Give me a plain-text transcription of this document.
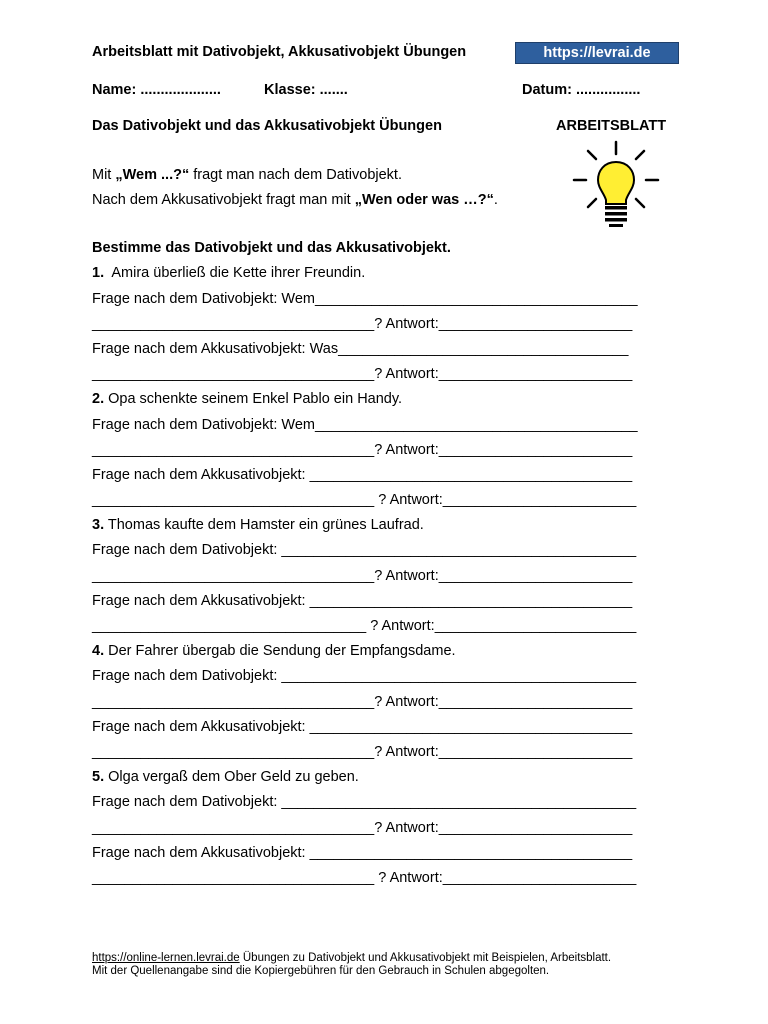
Arbeitsblatt mit Dativobjekt, Akkusativobjekt Übungen	https://levrai.de
Name: ....................	Klasse: .......	Datum: ................
Das Dativobjekt und das Akkusativobjekt Übungen	ARBEITSBLATT
Mit „Wem ...?“ fragt man nach dem Dativobjekt.
Nach dem Akkusativobjekt fragt man mit „Wen oder was …?“.
Bestimme das Dativobjekt und das Akkusativobjekt.
1. Amira überließ die Kette ihrer Freundin.
Frage nach dem Dativobjekt: Wem________________________________________
___________________________________? Antwort:________________________
Frage nach dem Akkusativobjekt: Was____________________________________
___________________________________? Antwort:________________________
2. Opa schenkte seinem Enkel Pablo ein Handy.
Frage nach dem Dativobjekt: Wem________________________________________
___________________________________? Antwort:________________________
Frage nach dem Akkusativobjekt: ________________________________________
___________________________________ ? Antwort:________________________
3. Thomas kaufte dem Hamster ein grünes Laufrad.
Frage nach dem Dativobjekt: ____________________________________________
___________________________________? Antwort:________________________
Frage nach dem Akkusativobjekt: ________________________________________
__________________________________ ? Antwort:_________________________
4. Der Fahrer übergab die Sendung der Empfangsdame.
Frage nach dem Dativobjekt: ____________________________________________
___________________________________? Antwort:________________________
Frage nach dem Akkusativobjekt: ________________________________________
___________________________________? Antwort:________________________
5. Olga vergaß dem Ober Geld zu geben.
Frage nach dem Dativobjekt: ____________________________________________
___________________________________? Antwort:________________________
Frage nach dem Akkusativobjekt: ________________________________________
___________________________________ ? Antwort:________________________
https://online-lernen.levrai.de Übungen zu Dativobjekt und Akkusativobjekt mit Beispielen, Arbeitsblatt.
Mit der Quellenangabe sind die Kopiergebühren für den Gebrauch in Schulen abgegolten.
